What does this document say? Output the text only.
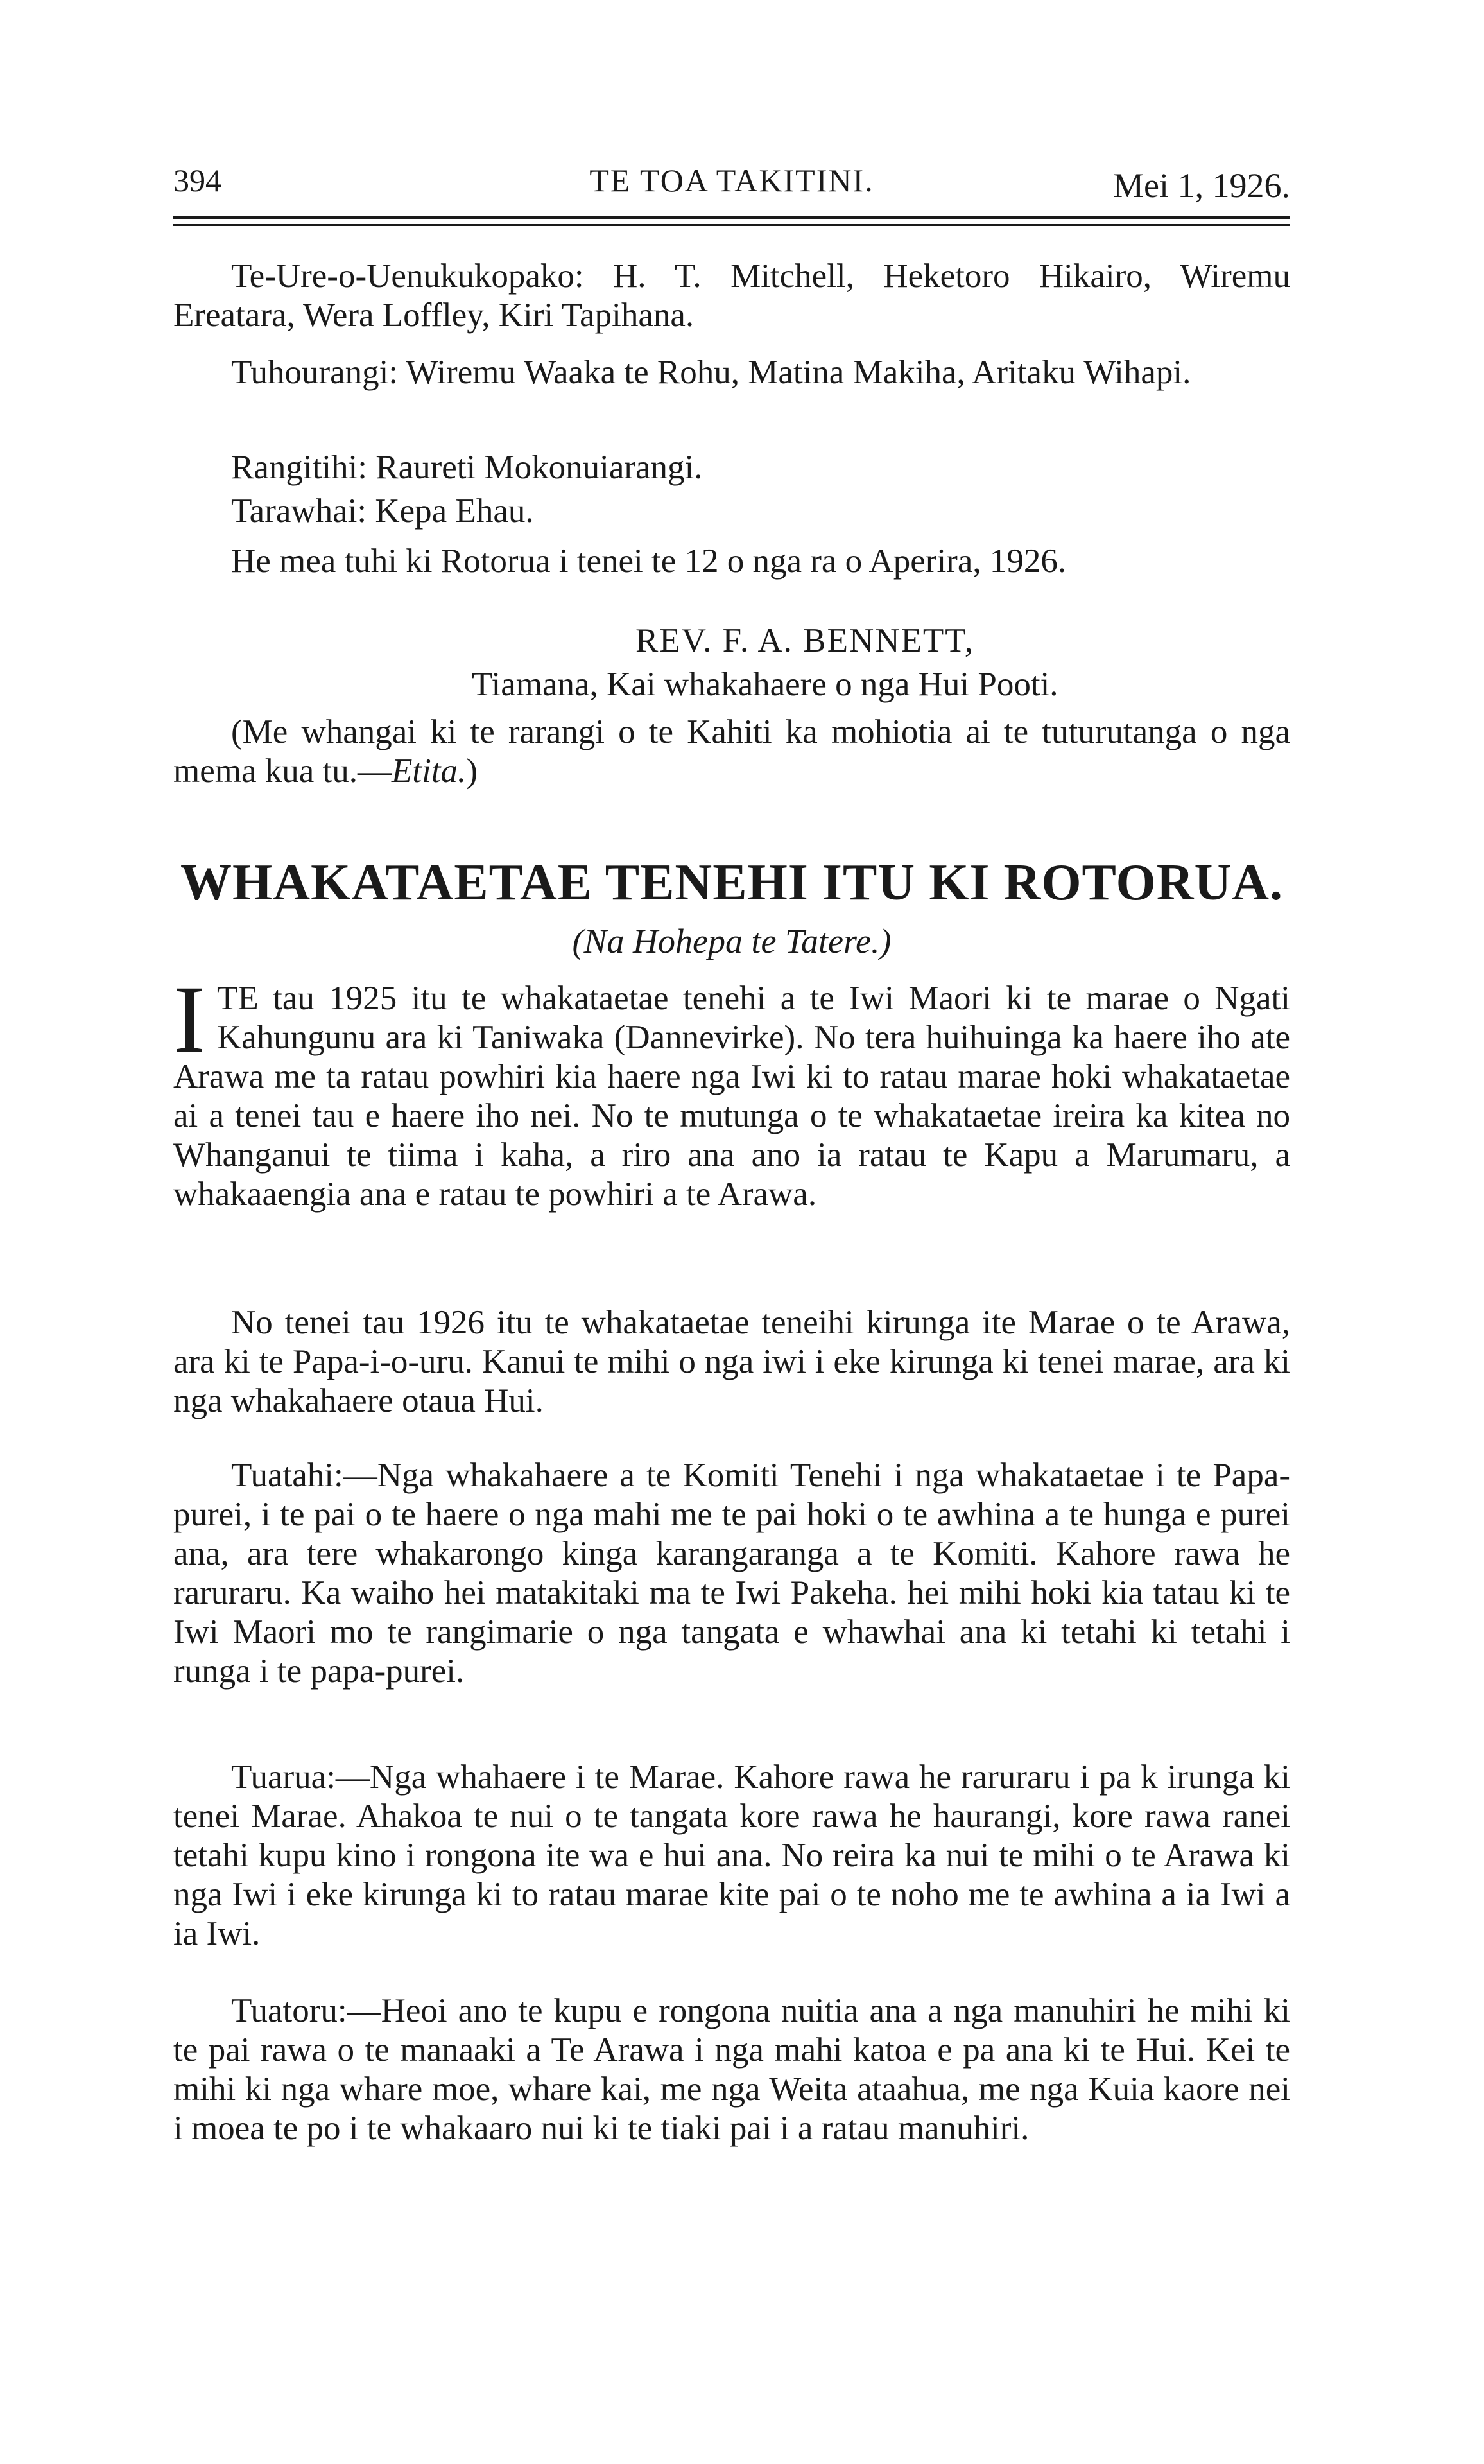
394	TE TOA TAKITINI.	Mei 1, 1926.

Te-Ure-o-Uenukukopako: H. T. Mitchell, Heketoro Hikairo, Wiremu Ereatara, Wera Loffley, Kiri Tapihana.

Tuhourangi: Wiremu Waaka te Rohu, Matina Makiha, Aritaku Wihapi.

Rangitihi: Raureti Mokonuiarangi.

Tarawhai: Kepa Ehau.

He mea tuhi ki Rotorua i tenei te 12 o nga ra o Aperira, 1926.

REV. F. A. BENNETT,
Tiamana, Kai whakahaere o nga Hui Pooti.

(Me whangai ki te rarangi o te Kahiti ka mohiotia ai te tuturutanga o nga mema kua tu.—Etita.)

WHAKATAETAE TENEHI ITU KI ROTORUA.
(Na Hohepa te Tatere.)
ITE tau 1925 itu te whakataetae tenehi a te Iwi Maori ki te marae o Ngati Kahungunu ara ki Taniwaka (Dannevirke). No tera huihuinga ka haere iho ate Arawa me ta ratau powhiri kia haere nga Iwi ki to ratau marae hoki whakataetae ai a tenei tau e haere iho nei. No te mutunga o te whakataetae ireira ka kitea no Whanganui te tiima i kaha, a riro ana ano ia ratau te Kapu a Marumaru, a whakaaengia ana e ratau te powhiri a te Arawa.

No tenei tau 1926 itu te whakataetae teneihi kirunga ite Marae o te Arawa, ara ki te Papa-i-o-uru. Kanui te mihi o nga iwi i eke kirunga ki tenei marae, ara ki nga whakahaere otaua Hui.

Tuatahi:—Nga whakahaere a te Komiti Tenehi i nga whakataetae i te Papa-purei, i te pai o te haere o nga mahi me te pai hoki o te awhina a te hunga e purei ana, ara tere whakarongo kinga karangaranga a te Komiti. Kahore rawa he raruraru. Ka waiho hei matakitaki ma te Iwi Pakeha. hei mihi hoki kia tatau ki te Iwi Maori mo te rangimarie o nga tangata e whawhai ana ki tetahi ki tetahi i runga i te papa-purei.

Tuarua:—Nga whahaere i te Marae. Kahore rawa he raruraru i pa k irunga ki tenei Marae. Ahakoa te nui o te tangata kore rawa he haurangi, kore rawa ranei tetahi kupu kino i rongona ite wa e hui ana. No reira ka nui te mihi o te Arawa ki nga Iwi i eke kirunga ki to ratau marae kite pai o te noho me te awhina a ia Iwi a ia Iwi.

Tuatoru:—Heoi ano te kupu e rongona nuitia ana a nga manuhiri he mihi ki te pai rawa o te manaaki a Te Arawa i nga mahi katoa e pa ana ki te Hui. Kei te mihi ki nga whare moe, whare kai, me nga Weita ataahua, me nga Kuia kaore nei i moea te po i te whakaaro nui ki te tiaki pai i a ratau manuhiri.
